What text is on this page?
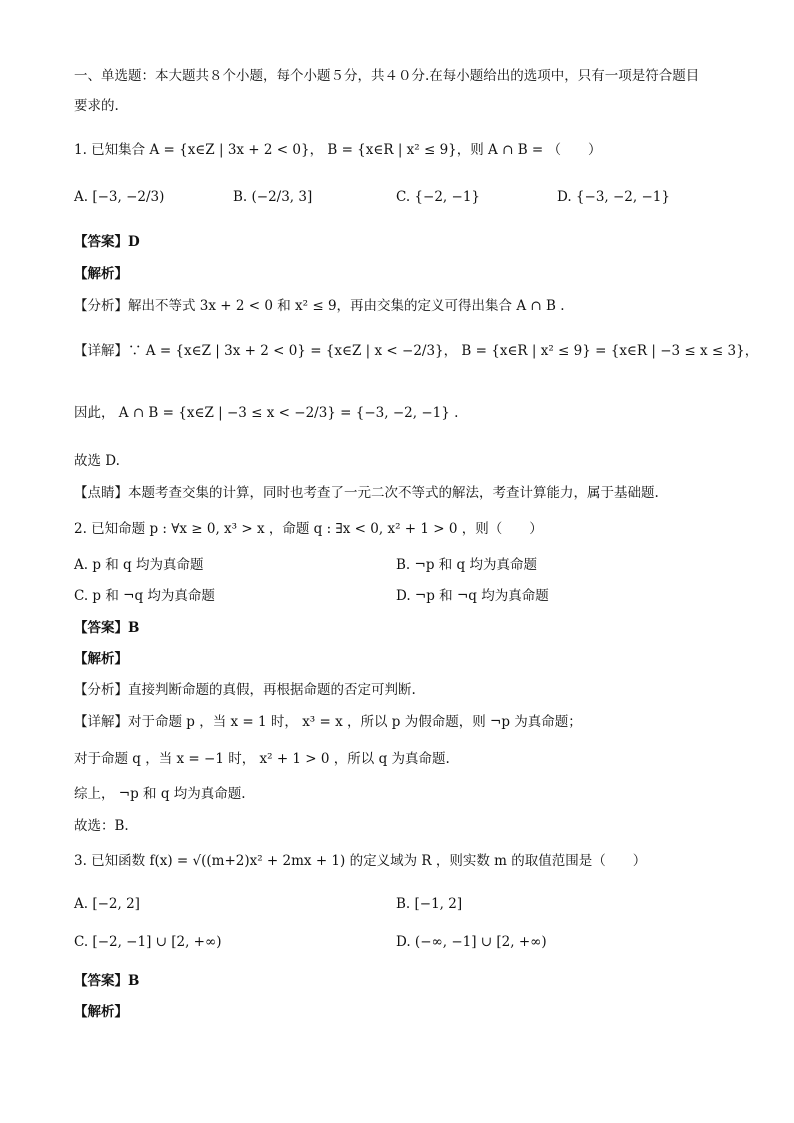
一、单选题：本大题共８个小题，每个小题５分，共４０分.在每小题给出的选项中，只有一项是符合题目
要求的.
1. 已知集合 A = {x∈Z | 3x + 2 < 0}， B = {x∈R | x² ≤ 9}，则 A ∩ B = （　　）
A. [−3, −2/3)	B. (−2/3, 3]	C. {−2, −1}	D. {−3, −2, −1}
【答案】D
【解析】
【分析】解出不等式 3x + 2 < 0 和 x² ≤ 9，再由交集的定义可得出集合 A ∩ B .
【详解】∵ A = {x∈Z | 3x + 2 < 0} = {x∈Z | x < −2/3}， B = {x∈R | x² ≤ 9} = {x∈R | −3 ≤ x ≤ 3}，
因此， A ∩ B = {x∈Z | −3 ≤ x < −2/3} = {−3, −2, −1} .
故选 D.
【点睛】本题考查交集的计算，同时也考查了一元二次不等式的解法，考查计算能力，属于基础题.
2. 已知命题 p : ∀x ≥ 0, x³ > x ，命题 q : ∃x < 0, x² + 1 > 0 ，则（　　）
A. p 和 q 均为真命题	B. ¬p 和 q 均为真命题
C. p 和 ¬q 均为真命题	D. ¬p 和 ¬q 均为真命题
【答案】B
【解析】
【分析】直接判断命题的真假，再根据命题的否定可判断.
【详解】对于命题 p ，当 x = 1 时， x³ = x ，所以 p 为假命题，则 ¬p 为真命题；
对于命题 q ，当 x = −1 时， x² + 1 > 0 ，所以 q 为真命题.
综上， ¬p 和 q 均为真命题.
故选：B.
3. 已知函数 f(x) = √((m+2)x² + 2mx + 1) 的定义域为 R ，则实数 m 的取值范围是（　　）
A. [−2, 2]	B. [−1, 2]
C. [−2, −1] ∪ [2, +∞)	D. (−∞, −1] ∪ [2, +∞)
【答案】B
【解析】
